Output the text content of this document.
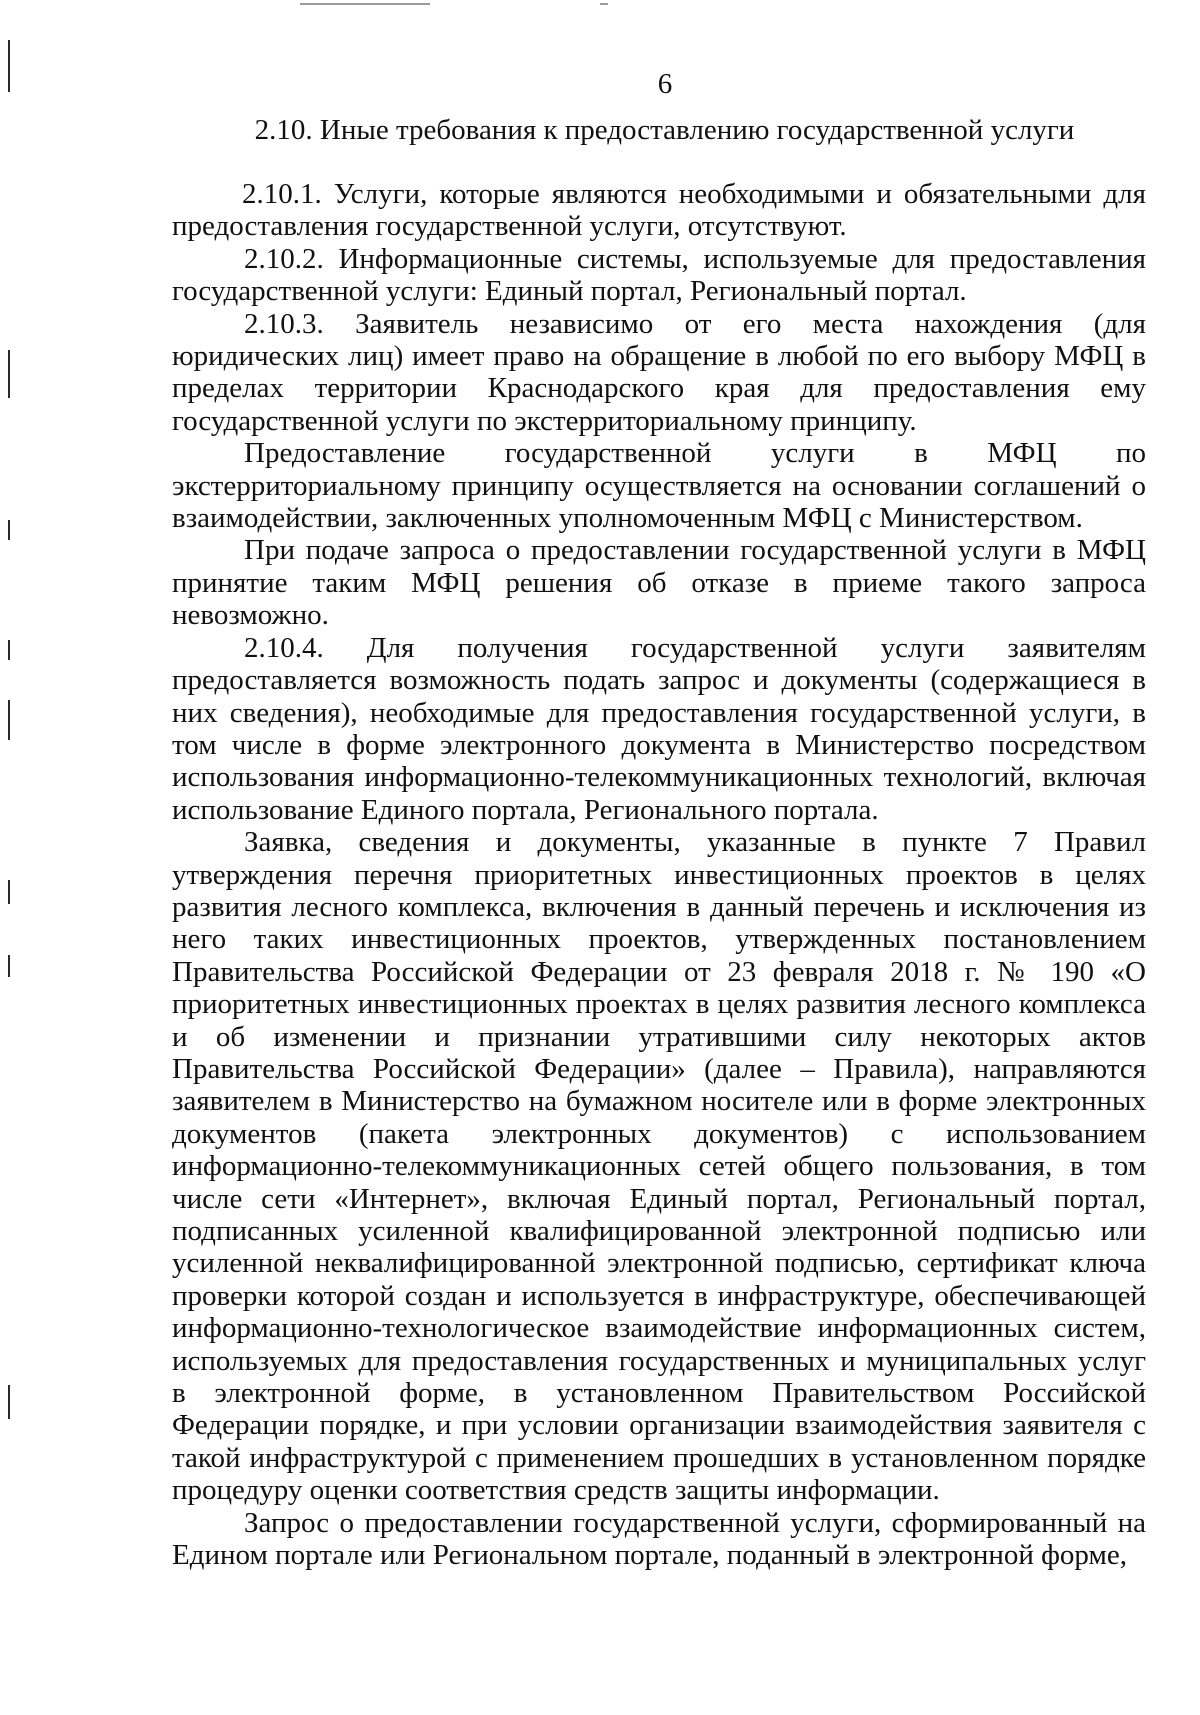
6
2.10. Иные требования к предоставлению государственной услуги

2.10.1. Услуги, которые являются необходимыми и обязательными для предоставления государственной услуги, отсутствуют.

2.10.2. Информационные системы, используемые для предоставления государственной услуги: Единый портал, Региональный портал.

2.10.3. Заявитель независимо от его места нахождения (для юридических лиц) имеет право на обращение в любой по его выбору МФЦ в пределах территории Краснодарского края для предоставления ему государственной услуги по экстерриториальному принципу.

Предоставление государственной услуги в МФЦ по экстерриториальному принципу осуществляется на основании соглашений о взаимодействии, заключенных уполномоченным МФЦ с Министерством.

При подаче запроса о предоставлении государственной услуги в МФЦ принятие таким МФЦ решения об отказе в приеме такого запроса невозможно.

2.10.4. Для получения государственной услуги заявителям предоставляется возможность подать запрос и документы (содержащиеся в них сведения), необходимые для предоставления государственной услуги, в том числе в форме электронного документа в Министерство посредством использования информационно-телекоммуникационных технологий, включая использование Единого портала, Регионального портала.

Заявка, сведения и документы, указанные в пункте 7 Правил утверждения перечня приоритетных инвестиционных проектов в целях развития лесного комплекса, включения в данный перечень и исключения из него таких инвестиционных проектов, утвержденных постановлением Правительства Российской Федерации от 23 февраля 2018 г. № 190 «О приоритетных инвестиционных проектах в целях развития лесного комплекса и об изменении и признании утратившими силу некоторых актов Правительства Российской Федерации» (далее – Правила), направляются заявителем в Министерство на бумажном носителе или в форме электронных документов (пакета электронных документов) с использованием информационно-телекоммуникационных сетей общего пользования, в том числе сети «Интернет», включая Единый портал, Региональный портал, подписанных усиленной квалифицированной электронной подписью или усиленной неквалифицированной электронной подписью, сертификат ключа проверки которой создан и используется в инфраструктуре, обеспечивающей информационно-технологическое взаимодействие информационных систем, используемых для предоставления государственных и муниципальных услуг в электронной форме, в установленном Правительством Российской Федерации порядке, и при условии организации взаимодействия заявителя с такой инфраструктурой с применением прошедших в установленном порядке процедуру оценки соответствия средств защиты информации.

Запрос о предоставлении государственной услуги, сформированный на Едином портале или Региональном портале, поданный в электронной форме,
